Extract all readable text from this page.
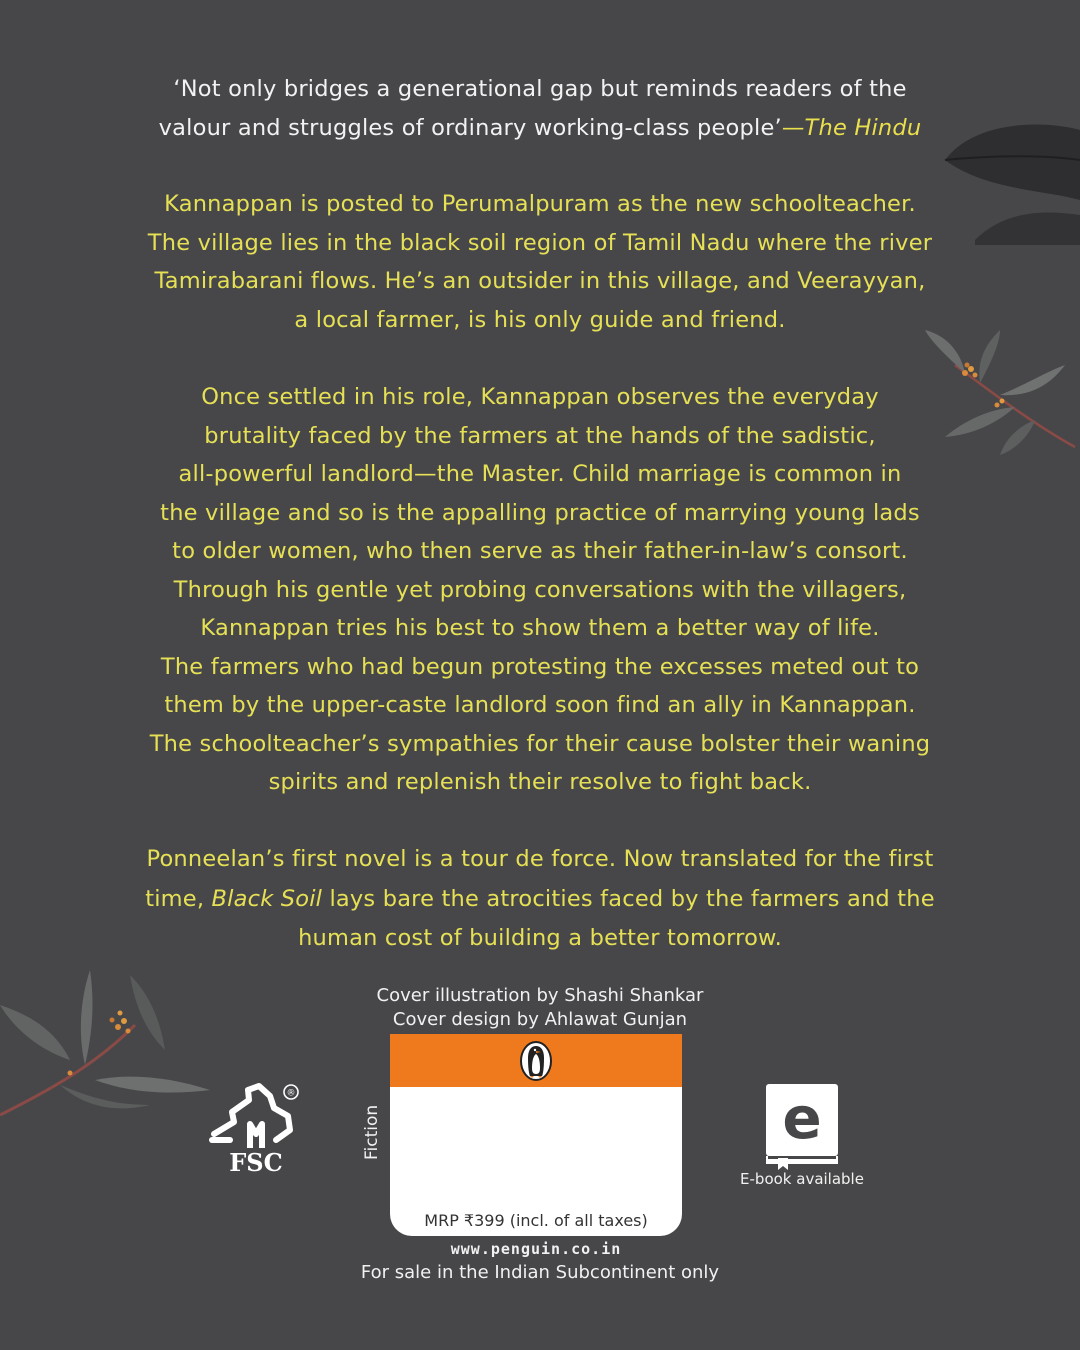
‘Not only bridges a generational gap but reminds readers of the
valour and struggles of ordinary working-class people’—The Hindu
Kannappan is posted to Perumalpuram as the new schoolteacher.
The village lies in the black soil region of Tamil Nadu where the river
Tamirabarani flows. He’s an outsider in this village, and Veerayyan,
a local farmer, is his only guide and friend.
Once settled in his role, Kannappan observes the everyday
brutality faced by the farmers at the hands of the sadistic,
all-powerful landlord—the Master. Child marriage is common in
the village and so is the appalling practice of marrying young lads
to older women, who then serve as their father-in-law’s consort.
Through his gentle yet probing conversations with the villagers,
Kannappan tries his best to show them a better way of life.
The farmers who had begun protesting the excesses meted out to
them by the upper-caste landlord soon find an ally in Kannappan.
The schoolteacher’s sympathies for their cause bolster their waning
spirits and replenish their resolve to fight back.
Ponneelan’s first novel is a tour de force. Now translated for the first
time, Black Soil lays bare the atrocities faced by the farmers and the
human cost of building a better tomorrow.
Cover illustration by Shashi Shankar
Cover design by Ahlawat Gunjan
®
FSC
Fiction
MRP ₹399 (incl. of all taxes)
www.penguin.co.in
For sale in the Indian Subcontinent only
e
E-book available
